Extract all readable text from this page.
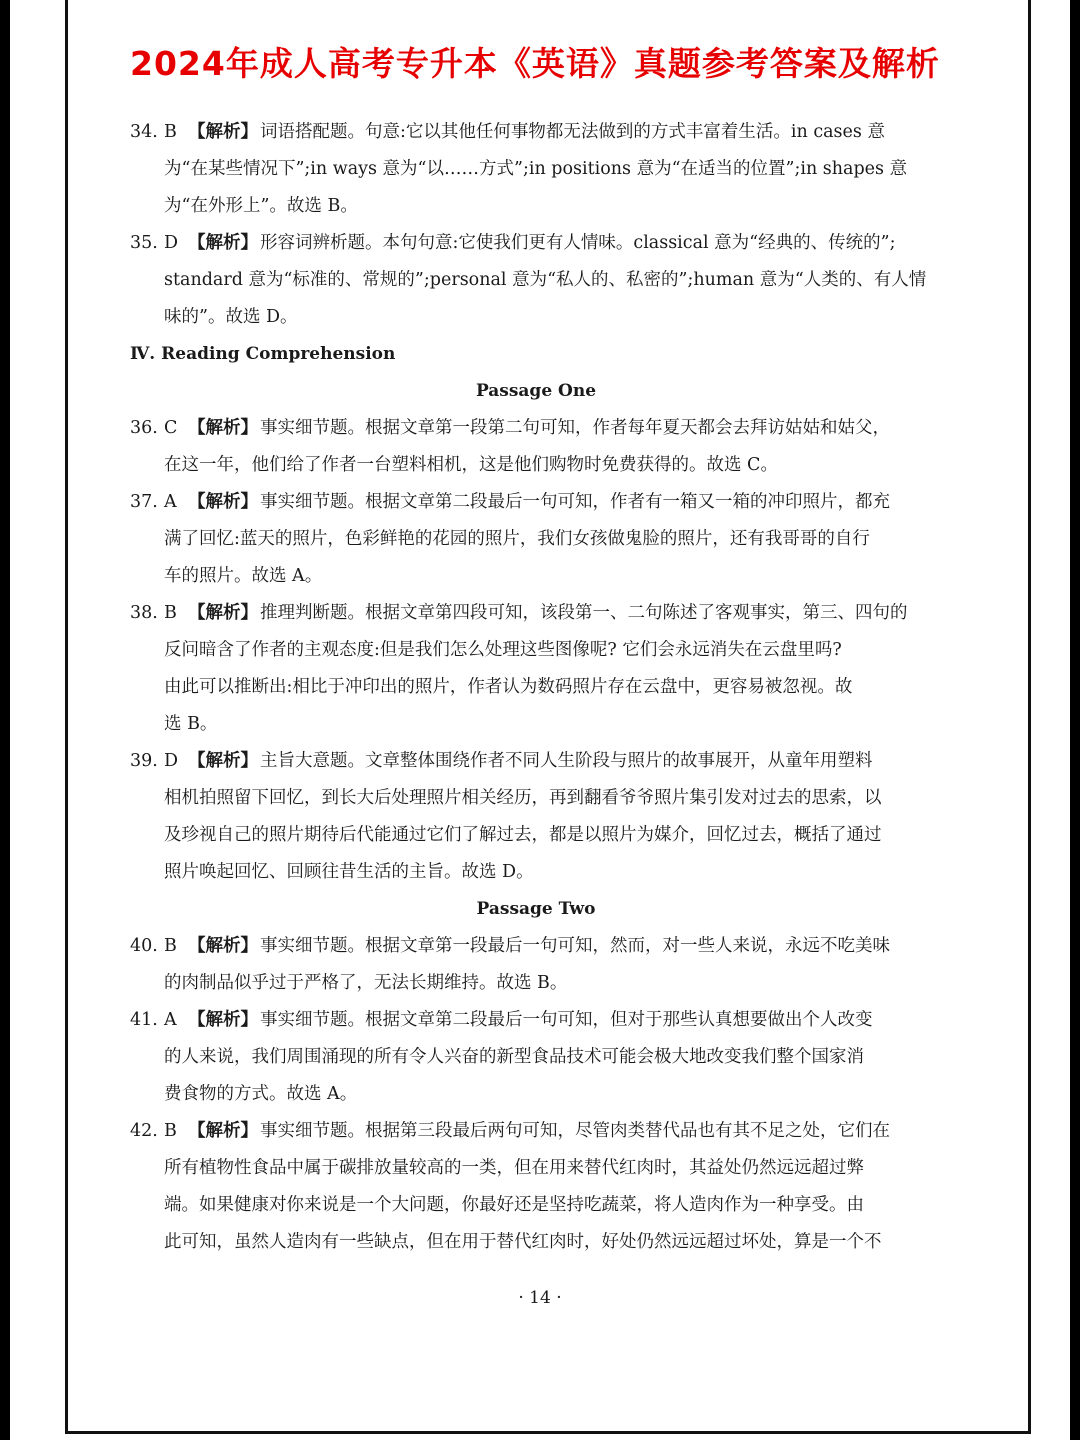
2024年成人高考专升本《英语》真题参考答案及解析
34. B 【解析】 词语搭配题。句意:它以其他任何事物都无法做到的方式丰富着生活。in cases 意
为“在某些情况下”;in ways 意为“以……方式”;in positions 意为“在适当的位置”;in shapes 意
为“在外形上”。故选 B。
35. D 【解析】 形容词辨析题。本句句意:它使我们更有人情味。classical 意为“经典的、传统的”;
standard 意为“标准的、常规的”;personal 意为“私人的、私密的”;human 意为“人类的、有人情
味的”。故选 D。
Ⅳ. Reading Comprehension
Passage One
36. C 【解析】 事实细节题。根据文章第一段第二句可知，作者每年夏天都会去拜访姑姑和姑父，
在这一年，他们给了作者一台塑料相机，这是他们购物时免费获得的。故选 C。
37. A 【解析】 事实细节题。根据文章第二段最后一句可知，作者有一箱又一箱的冲印照片，都充
满了回忆:蓝天的照片，色彩鲜艳的花园的照片，我们女孩做鬼脸的照片，还有我哥哥的自行
车的照片。故选 A。
38. B 【解析】 推理判断题。根据文章第四段可知，该段第一、二句陈述了客观事实，第三、四句的
反问暗含了作者的主观态度:但是我们怎么处理这些图像呢? 它们会永远消失在云盘里吗?
由此可以推断出:相比于冲印出的照片，作者认为数码照片存在云盘中，更容易被忽视。故
选 B。
39. D 【解析】 主旨大意题。文章整体围绕作者不同人生阶段与照片的故事展开，从童年用塑料
相机拍照留下回忆，到长大后处理照片相关经历，再到翻看爷爷照片集引发对过去的思索，以
及珍视自己的照片期待后代能通过它们了解过去，都是以照片为媒介，回忆过去，概括了通过
照片唤起回忆、回顾往昔生活的主旨。故选 D。
Passage Two
40. B 【解析】 事实细节题。根据文章第一段最后一句可知，然而，对一些人来说，永远不吃美味
的肉制品似乎过于严格了，无法长期维持。故选 B。
41. A 【解析】 事实细节题。根据文章第二段最后一句可知，但对于那些认真想要做出个人改变
的人来说，我们周围涌现的所有令人兴奋的新型食品技术可能会极大地改变我们整个国家消
费食物的方式。故选 A。
42. B 【解析】 事实细节题。根据第三段最后两句可知，尽管肉类替代品也有其不足之处，它们在
所有植物性食品中属于碳排放量较高的一类，但在用来替代红肉时，其益处仍然远远超过弊
端。如果健康对你来说是一个大问题，你最好还是坚持吃蔬菜，将人造肉作为一种享受。由
此可知，虽然人造肉有一些缺点，但在用于替代红肉时，好处仍然远远超过坏处，算是一个不
· 14 ·
